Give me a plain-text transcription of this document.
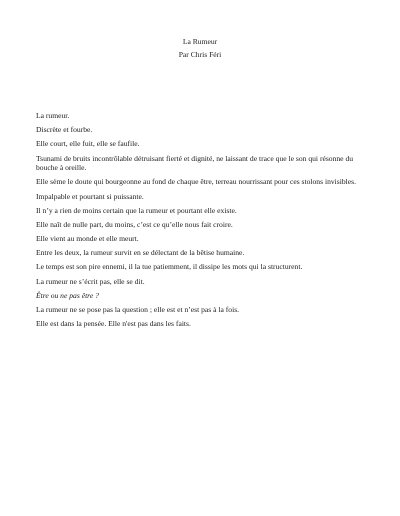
La Rumeur
Par Chris Féri

La rumeur.

Discrète et fourbe.

Elle court, elle fuit, elle se faufile.

Tsunami de bruits incontrôlable détruisant fierté et dignité, ne laissant de trace que le son qui résonne du bouche à oreille.

Elle sème le doute qui bourgeonne au fond de chaque être, terreau nourrissant pour ces stolons invisibles.

Impalpable et pourtant si puissante.

Il n’y a rien de moins certain que la rumeur et pourtant elle existe.

Elle naît de nulle part, du moins, c’est ce qu’elle nous fait croire.

Elle vient au monde et elle meurt.

Entre les deux, la rumeur survit en se délectant de la bêtise humaine.

Le temps est son pire ennemi, il la tue patiemment, il dissipe les mots qui la structurent.

La rumeur ne s’écrit pas, elle se dit.

Être ou ne pas être ?

La rumeur ne se pose pas la question ; elle est et n’est pas à la fois.

Elle est dans la pensée. Elle n'est pas dans les faits.
